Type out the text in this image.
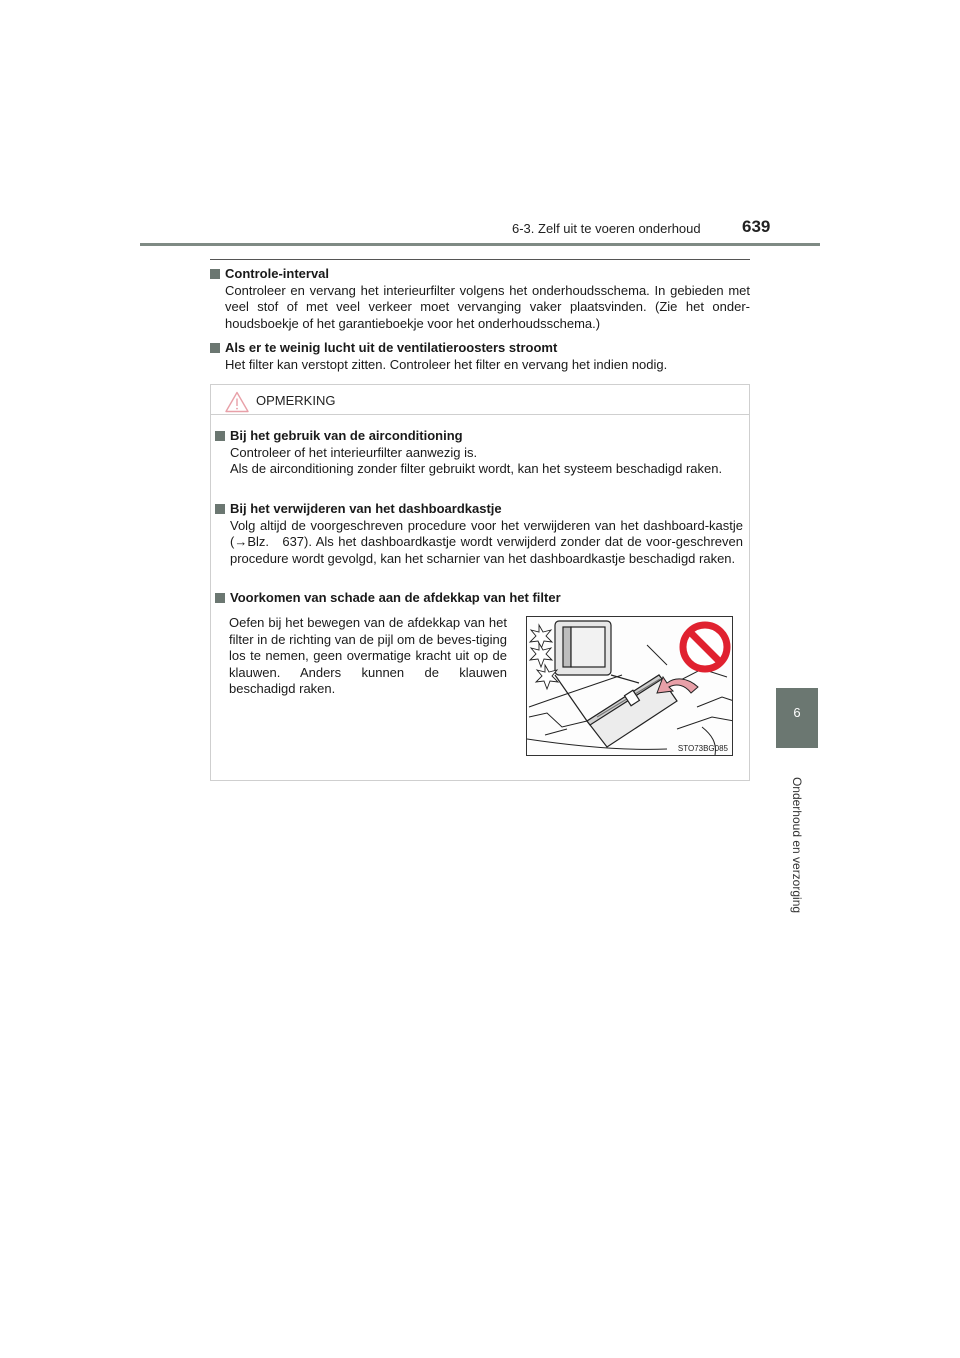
6-3. Zelf uit te voeren onderhoud 639
6
Onderhoud en verzorging
Controle-interval
Controleer en vervang het interieurfilter volgens het onderhoudsschema. In gebieden met veel stof of met veel verkeer moet vervanging vaker plaatsvinden. (Zie het onder-houdsboekje of het garantieboekje voor het onderhoudsschema.)
Als er te weinig lucht uit de ventilatieroosters stroomt
Het filter kan verstopt zitten. Controleer het filter en vervang het indien nodig.
OPMERKING
Bij het gebruik van de airconditioning
Controleer of het interieurfilter aanwezig is.
Als de airconditioning zonder filter gebruikt wordt, kan het systeem beschadigd raken.
Bij het verwijderen van het dashboardkastje
Volg altijd de voorgeschreven procedure voor het verwijderen van het dashboard-kastje (→Blz.   637). Als het dashboardkastje wordt verwijderd zonder dat de voor-geschreven procedure wordt gevolgd, kan het scharnier van het dashboardkastje beschadigd raken.
Voorkomen van schade aan de afdekkap van het filter
Oefen bij het bewegen van de afdekkap van het filter in de richting van de pijl om de beves-tiging los te nemen, geen overmatige kracht uit op de klauwen. Anders kunnen de klauwen beschadigd raken.
STO73BG085
